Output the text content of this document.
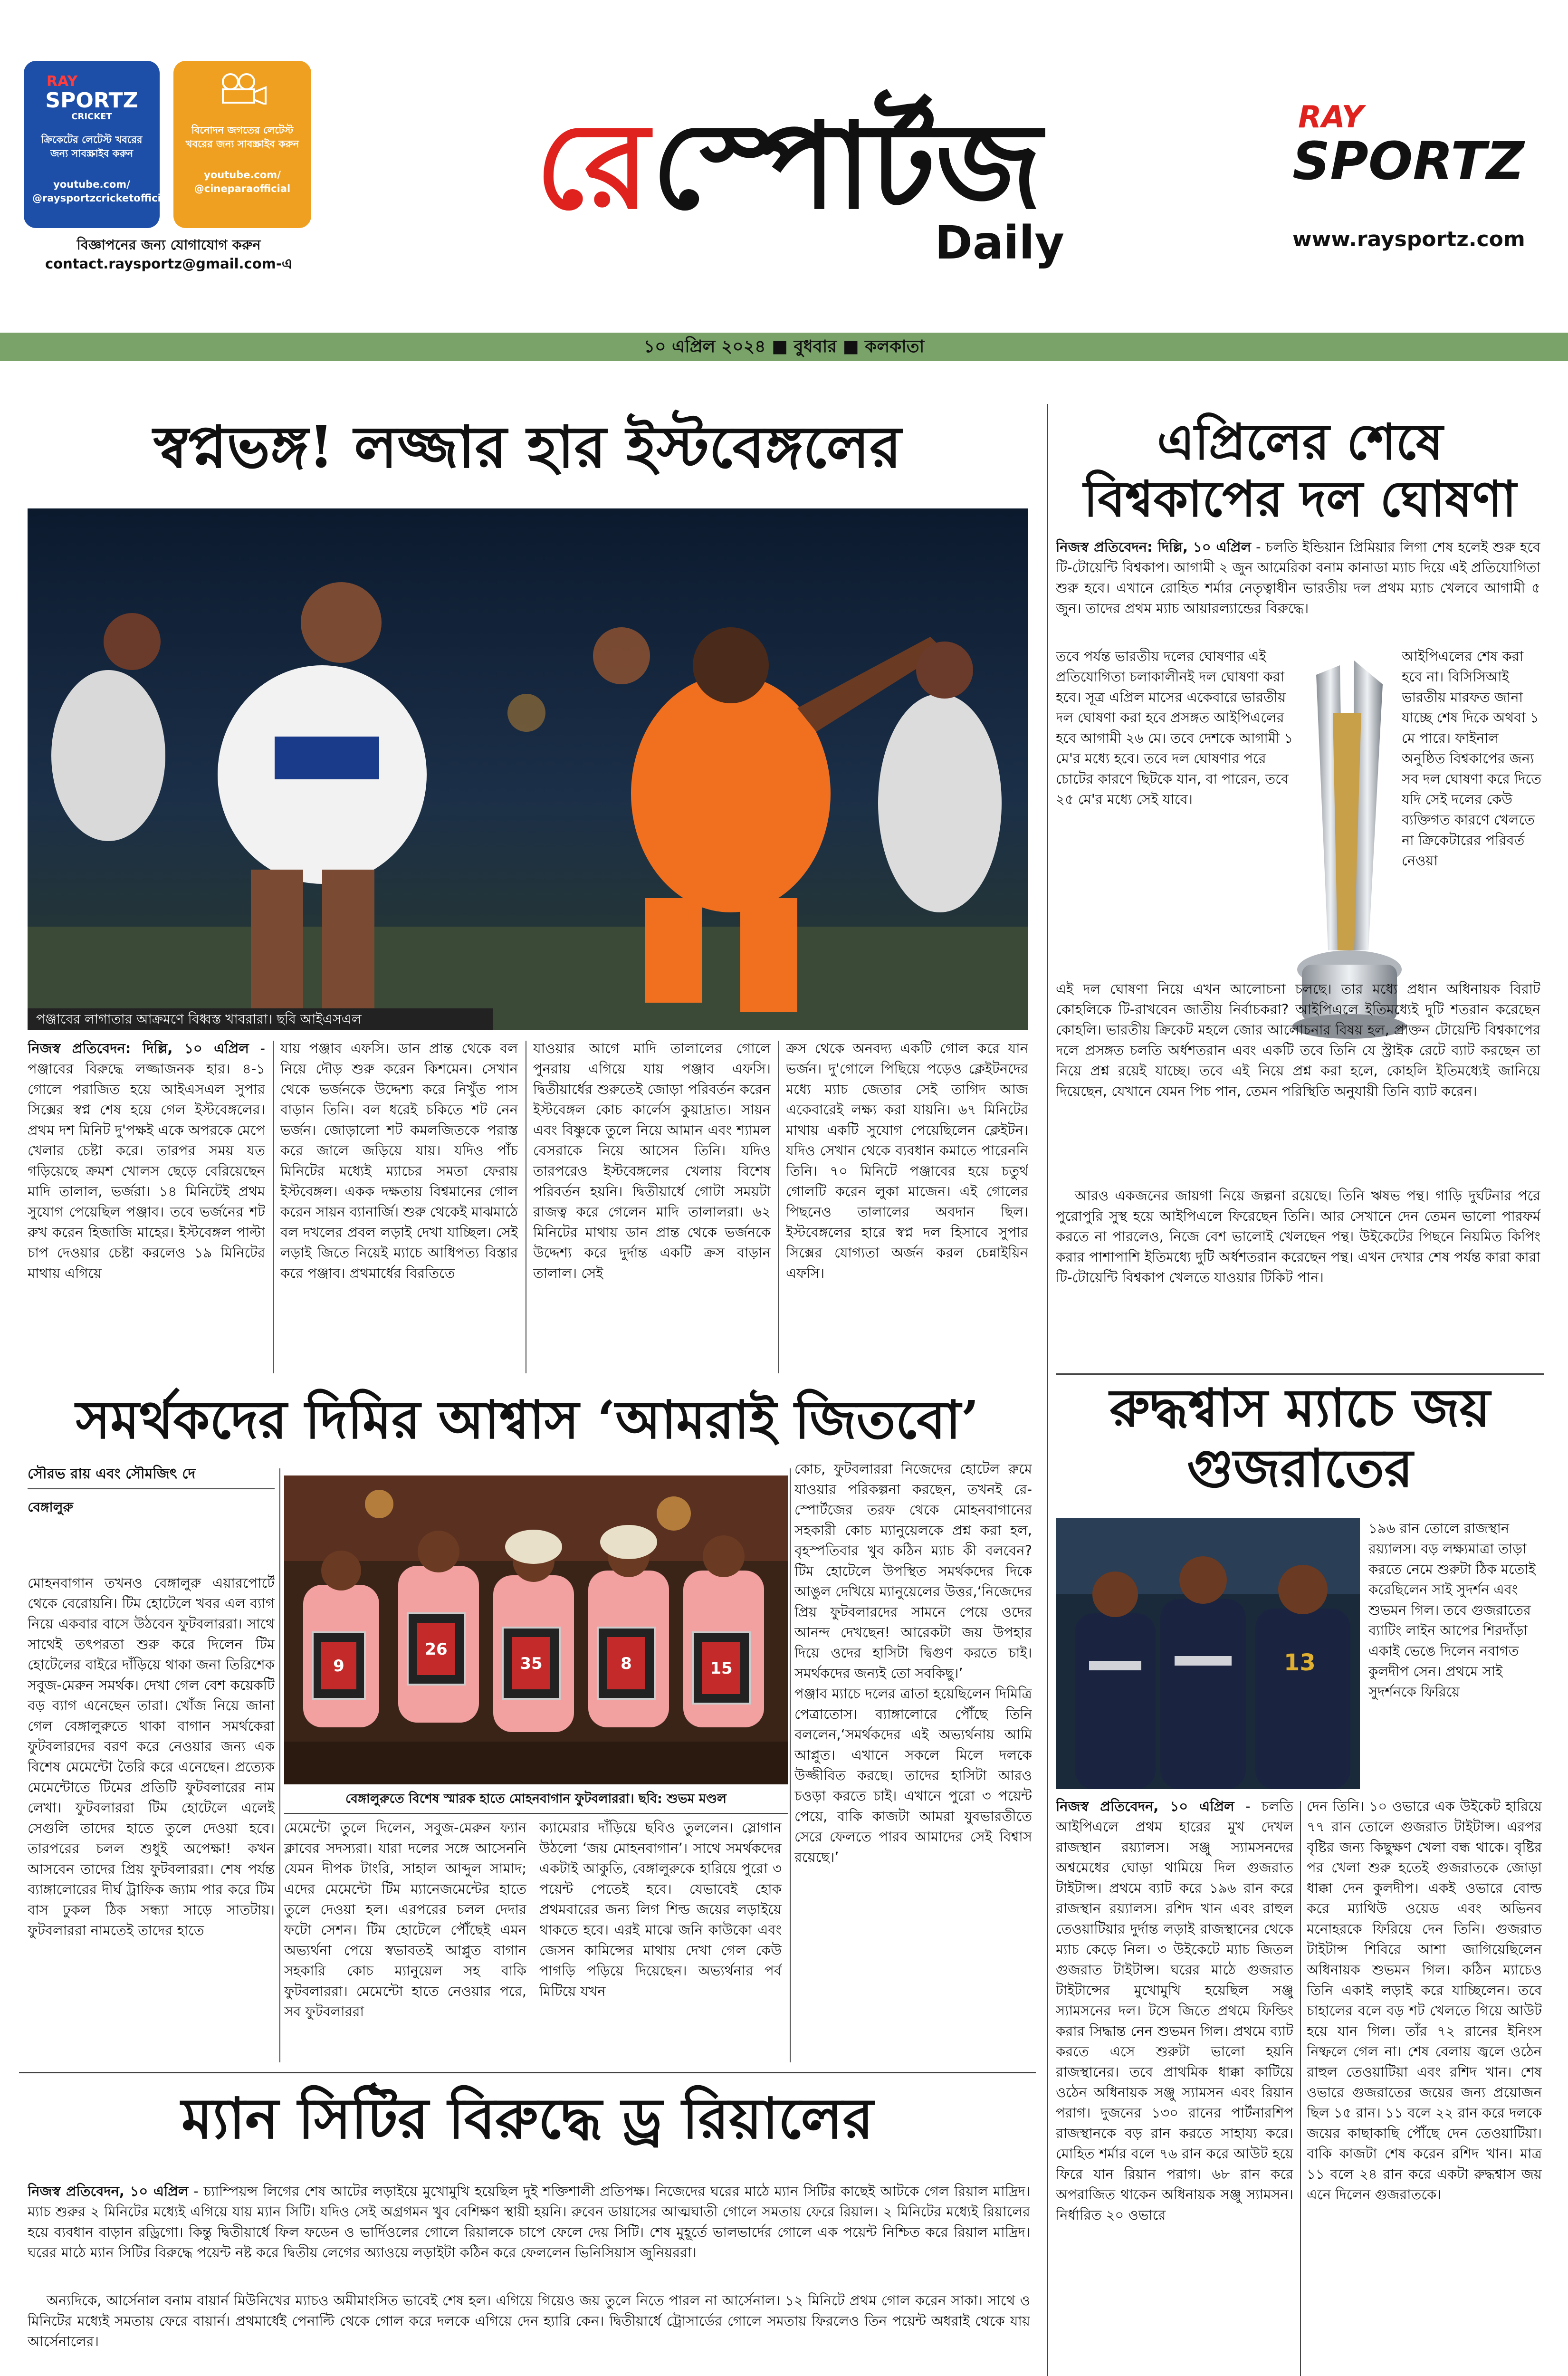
RAY
SPORTZ
CRICKET
ক্রিকেটের লেটেস্ট খবরের জন্য সাবস্ক্রাইব করুন
youtube.com/ @raysportzcricketofficial
বিনোদন জগতের লেটেস্ট খবরের জন্য সাবস্ক্রাইব করুন
youtube.com/ @cineparaofficial
বিজ্ঞাপনের জন্য যোগাযোগ করুন
contact.raysportz@gmail.com-এ
রে স্পোর্টজ
Daily
RAY
SPORTZ
www.raysportz.com
১০ এপ্রিল ২০২৪ ■ বুধবার ■ কলকাতা
স্বপ্নভঙ্গ! লজ্জার হার ইস্টবেঙ্গলের
পঞ্জাবের লাগাতার আক্রমণে বিধ্বস্ত খাবরারা। ছবি আইএসএল
নিজস্ব প্রতিবেদন: দিল্লি, ১০ এপ্রিল - পঞ্জাবের বিরুদ্ধে লজ্জাজনক হার। ৪-১ গোলে পরাজিত হয়ে আইএসএল সুপার সিক্সের স্বপ্ন শেষ হয়ে গেল ইস্টবেঙ্গলের। প্রথম দশ মিনিট দু'পক্ষই একে অপরকে মেপে খেলার চেষ্টা করে। তারপর সময় যত গড়িয়েছে ক্রমশ খোলস ছেড়ে বেরিয়েছেন মাদি তালাল, ভর্জরা। ১৪ মিনিটেই প্রথম সুযোগ পেয়েছিল পঞ্জাব। তবে ভর্জনের শট রুখ করেন হিজাজি মাহের। ইস্টবেঙ্গল পাল্টা চাপ দেওয়ার চেষ্টা করলেও ১৯ মিনিটের মাথায় এগিয়ে
যায় পঞ্জাব এফসি। ডান প্রান্ত থেকে বল নিয়ে দৌড় শুরু করেন কিশমেন। সেখান থেকে ভর্জনকে উদ্দেশ্য করে নিখুঁত পাস বাড়ান তিনি। বল ধরেই চকিতে শট নেন ভর্জন। জোড়ালো শট কমলজিতকে পরাস্ত করে জালে জড়িয়ে যায়। যদিও পাঁচ মিনিটের মধ্যেই ম্যাচের সমতা ফেরায় ইস্টবেঙ্গল। একক দক্ষতায় বিশ্বমানের গোল করেন সায়ন ব্যানার্জি। শুরু থেকেই মাঝমাঠে বল দখলের প্রবল লড়াই দেখা যাচ্ছিল। সেই লড়াই জিতে নিয়েই ম্যাচে আধিপত্য বিস্তার করে পঞ্জাব। প্রথমার্ধের বিরতিতে
যাওয়ার আগে মাদি তালালের গোলে পুনরায় এগিয়ে যায় পঞ্জাব এফসি। দ্বিতীয়ার্ধের শুরুতেই জোড়া পরিবর্তন করেন ইস্টবেঙ্গল কোচ কার্লেস কুয়াদ্রাত। সায়ন এবং বিষ্ণুকে তুলে নিয়ে আমান এবং শ্যামল বেসরাকে নিয়ে আসেন তিনি। যদিও তারপরেও ইস্টবেঙ্গলের খেলায় বিশেষ পরিবর্তন হয়নি। দ্বিতীয়ার্ধে গোটা সময়টা রাজত্ব করে গেলেন মাদি তালালরা। ৬২ মিনিটের মাথায় ডান প্রান্ত থেকে ভর্জনকে উদ্দেশ্য করে দুর্দান্ত একটি ক্রস বাড়ান তালাল। সেই
ক্রস থেকে অনবদ্য একটি গোল করে যান ভর্জন। দু'গোলে পিছিয়ে পড়েও ক্লেইটনদের মধ্যে ম্যাচ জেতার সেই তাগিদ আজ একেবারেই লক্ষ্য করা যায়নি। ৬৭ মিনিটের মাথায় একটি সুযোগ পেয়েছিলেন ক্লেইটন। যদিও সেখান থেকে ব্যবধান কমাতে পারেননি তিনি। ৭০ মিনিটে পঞ্জাবের হয়ে চতুর্থ গোলটি করেন লুকা মাজেন। এই গোলের পিছনেও তালালের অবদান ছিল। ইস্টবেঙ্গলের হারে স্বপ্ন দল হিসাবে সুপার সিক্সের যোগ্যতা অর্জন করল চেন্নাইয়িন এফসি।
সমর্থকদের দিমির আশ্বাস ‘আমরাই জিতবো’
সৌরভ রায় এবং সৌমজিৎ দে
বেঙ্গালুরু
মোহনবাগান তখনও বেঙ্গালুরু এয়ারপোর্টে থেকে বেরোয়নি। টিম হোটেলে খবর এল ব্যাগ নিয়ে একবার বাসে উঠবেন ফুটবলাররা। সাথে সাথেই তৎপরতা শুরু করে দিলেন টিম হোটেলের বাইরে দাঁড়িয়ে থাকা জনা তিরিশেক সবুজ-মেরুন সমর্থক। দেখা গেল বেশ কয়েকটি বড় ব্যাগ এনেছেন তারা। খোঁজ নিয়ে জানা গেল বেঙ্গালুরুতে থাকা বাগান সমর্থকেরা ফুটবলারদের বরণ করে নেওয়ার জন্য এক বিশেষ মেমেন্টো তৈরি করে এনেছেন। প্রত্যেক মেমেন্টোতে টিমের প্রতিটি ফুটবলারের নাম লেখা। ফুটবলাররা টিম হোটেলে এলেই সেগুলি তাদের হাতে তুলে দেওয়া হবে। তারপরের চলল শুধুই অপেক্ষা! কখন আসবেন তাদের প্রিয় ফুটবলাররা। শেষ পর্যন্ত ব্যাঙ্গালোরের দীর্ঘ ট্রাফিক জ্যাম পার করে টিম বাস ঢুকল ঠিক সন্ধ্যা সাড়ে সাতটায়। ফুটবলাররা নামতেই তাদের হাতে
9
26
35	8	15
বেঙ্গালুরুতে বিশেষ স্মারক হাতে মোহনবাগান ফুটবলাররা। ছবি: শুভম মণ্ডল
মেমেন্টো তুলে দিলেন, সবুজ-মেরুন ফ্যান ক্লাবের সদস্যরা। যারা দলের সঙ্গে আসেননি যেমন দীপক টাংরি, সাহাল আব্দুল সামাদ; এদের মেমেন্টো টিম ম্যানেজমেন্টের হাতে তুলে দেওয়া হল। এরপরের চলল দেদার ফটো সেশন। টিম হোটেলে পৌঁছেই এমন অভ্যর্থনা পেয়ে স্বভাবতই আপ্লুত বাগান সহকারি কোচ ম্যানুয়েল সহ বাকি ফুটবলাররা। মেমেন্টো হাতে নেওয়ার পরে, সব ফুটবলাররা
ক্যামেরার দাঁড়িয়ে ছবিও তুললেন। স্লোগান উঠলো ‘জয় মোহনবাগান’। সাথে সমর্থকদের একটাই আকুতি, বেঙ্গালুরুকে হারিয়ে পুরো ৩ পয়েন্ট পেতেই হবে। যেভাবেই হোক প্রথমবারের জন্য লিগ শিল্ড জয়ের লড়াইয়ে থাকতে হবে। এরই মাঝে জনি কাউকো এবং জেসন কামিন্সের মাথায় দেখা গেল কেউ পাগড়ি পড়িয়ে দিয়েছেন। অভ্যর্থনার পর্ব মিটিয়ে যখন
কোচ, ফুটবলাররা নিজেদের হোটেল রুমে যাওয়ার পরিকল্পনা করছেন, তখনই রে-স্পোর্টজের তরফ থেকে মোহনবাগানের সহকারী কোচ ম্যানুয়েলকে প্রশ্ন করা হল, বৃহস্পতিবার খুব কঠিন ম্যাচ কী বলবেন? টিম হোটেলে উপস্থিত সমর্থকদের দিকে আঙুল দেখিয়ে ম্যানুয়েলের উত্তর,‘নিজেদের প্রিয় ফুটবলারদের সামনে পেয়ে ওদের আনন্দ দেখছেন! আরেকটা জয় উপহার দিয়ে ওদের হাসিটা দ্বিগুণ করতে চাই। সমর্থকদের জন্যই তো সবকিছু।’
পঞ্জাব ম্যাচে দলের ত্রাতা হয়েছিলেন দিমিত্রি পেত্রাতোস। ব্যাঙ্গালোরে পৌঁছে তিনি বললেন,‘সমর্থকদের এই অভ্যর্থনায় আমি আপ্লুত। এখানে সকলে মিলে দলকে উজ্জীবিত করছে। তাদের হাসিটা আরও চওড়া করতে চাই। এখানে পুরো ৩ পয়েন্ট পেয়ে, বাকি কাজটা আমরা যুবভারতীতে সেরে ফেলতে পারব আমাদের সেই বিশ্বাস রয়েছে।’
ম্যান সিটির বিরুদ্ধে ড্র রিয়ালের
নিজস্ব প্রতিবেদন, ১০ এপ্রিল - চ্যাম্পিয়ন্স লিগের শেষ আটের লড়াইয়ে মুখোমুখি হয়েছিল দুই শক্তিশালী প্রতিপক্ষ। নিজেদের ঘরের মাঠে ম্যান সিটির কাছেই আটকে গেল রিয়াল মাদ্রিদ। ম্যাচ শুরুর ২ মিনিটের মধ্যেই এগিয়ে যায় ম্যান সিটি। যদিও সেই অগ্রগমন খুব বেশিক্ষণ স্থায়ী হয়নি। রুবেন ডায়াসের আত্মঘাতী গোলে সমতায় ফেরে রিয়াল। ২ মিনিটের মধ্যেই রিয়ালের হয়ে ব্যবধান বাড়ান রড্রিগো। কিন্তু দ্বিতীয়ার্ধে ফিল ফডেন ও ভার্দিওলের গোলে রিয়ালকে চাপে ফেলে দেয় সিটি। শেষ মুহূর্তে ভালভার্দের গোলে এক পয়েন্ট নিশ্চিত করে রিয়াল মাদ্রিদ। ঘরের মাঠে ম্যান সিটির বিরুদ্ধে পয়েন্ট নষ্ট করে দ্বিতীয় লেগের অ্যাওয়ে লড়াইটা কঠিন করে ফেললেন ভিনিসিয়াস জুনিয়ররা।
অন্যদিকে, আর্সেনাল বনাম বায়ার্ন মিউনিখের ম্যাচও অমীমাংসিত ভাবেই শেষ হল। এগিয়ে গিয়েও জয় তুলে নিতে পারল না আর্সেনাল। ১২ মিনিটে প্রথম গোল করেন সাকা। সাথে ও মিনিটের মধ্যেই সমতায় ফেরে বায়ার্ন। প্রথমার্ধেই পেনাল্টি থেকে গোল করে দলকে এগিয়ে দেন হ্যারি কেন। দ্বিতীয়ার্ধে ট্রোসার্ডের গোলে সমতায় ফিরলেও তিন পয়েন্ট অধরাই থেকে যায় আর্সেনালের।
এপ্রিলের শেষে বিশ্বকাপের দল ঘোষণা
নিজস্ব প্রতিবেদন: দিল্লি, ১০ এপ্রিল - চলতি ইন্ডিয়ান প্রিমিয়ার লিগা শেষ হলেই শুরু হবে টি-টোয়েন্টি বিশ্বকাপ। আগামী ২ জুন আমেরিকা বনাম কানাডা ম্যাচ দিয়ে এই প্রতিযোগিতা শুরু হবে। এখানে রোহিত শর্মার নেতৃত্বাধীন ভারতীয় দল প্রথম ম্যাচ খেলবে আগামী ৫ জুন। তাদের প্রথম ম্যাচ আয়ারল্যান্ডের বিরুদ্ধে।
তবে পর্যন্ত ভারতীয় দলের ঘোষণার এই প্রতিযোগিতা চলাকালীনই দল ঘোষণা করা হবে। সূত্র এপ্রিল মাসের একেবারে ভারতীয় দল ঘোষণা করা হবে প্রসঙ্গত আইপিএলের হবে আগামী ২৬ মে। তবে দেশকে আগামী ১ মে'র মধ্যে হবে। তবে দল ঘোষণার পরে চোটের কারণে ছিটকে যান, বা পারেন, তবে ২৫ মে'র মধ্যে সেই যাবে।
আইপিএলের শেষ করা হবে না। বিসিসিআই ভারতীয় মারফত জানা যাচ্ছে শেষ দিকে অথবা ১ মে পারে। ফাইনাল অনুষ্ঠিত বিশ্বকাপের জন্য সব দল ঘোষণা করে দিতে যদি সেই দলের কেউ ব্যক্তিগত কারণে খেলতে না ক্রিকেটারের পরিবর্ত নেওয়া
এই দল ঘোষণা নিয়ে এখন আলোচনা চলছে। তার মধ্যে প্রধান অধিনায়ক বিরাট কোহলিকে টি-রাখবেন জাতীয় নির্বাচকরা? আইপিএলে ইতিমধ্যেই দুটি শতরান করেছেন কোহলি। ভারতীয় ক্রিকেট মহলে জোর আলোচনার বিষয় হল, প্রাক্তন টোয়েন্টি বিশ্বকাপের দলে প্রসঙ্গত চলতি অর্ধশতরান এবং একটি তবে তিনি যে স্ট্রাইক রেটে ব্যাট করছেন তা নিয়ে প্রশ্ন রয়েই যাচ্ছে। তবে এই নিয়ে প্রশ্ন করা হলে, কোহলি ইতিমধ্যেই জানিয়ে দিয়েছেন, যেখানে যেমন পিচ পান, তেমন পরিস্থিতি অনুযায়ী তিনি ব্যাট করেন।
আরও একজনের জায়গা নিয়ে জল্পনা রয়েছে। তিনি ঋষভ পন্থ। গাড়ি দুর্ঘটনার পরে পুরোপুরি সুস্থ হয়ে আইপিএলে ফিরেছেন তিনি। আর সেখানে দেন তেমন ভালো পারফর্ম করতে না পারলেও, নিজে বেশ ভালোই খেলছেন পন্থ। উইকেটের পিছনে নিয়মিত কিপিং করার পাশাপাশি ইতিমধ্যে দুটি অর্ধশতরান করেছেন পন্থ। এখন দেখার শেষ পর্যন্ত কারা কারা টি-টোয়েন্টি বিশ্বকাপ খেলতে যাওয়ার টিকিট পান।
রুদ্ধশ্বাস ম্যাচে জয় গুজরাতের
13
১৯৬ রান তোলে রাজস্থান রয়্যালস। বড় লক্ষ্যমাত্রা তাড়া করতে নেমে শুরুটা ঠিক মতোই করেছিলেন সাই সুদর্শন এবং শুভমন গিল। তবে গুজরাতের ব্যাটিং লাইন আপের শিরদাঁড়া একাই ভেঙে দিলেন নবাগত কুলদীপ সেন। প্রথমে সাই সুদর্শনকে ফিরিয়ে
নিজস্ব প্রতিবেদন, ১০ এপ্রিল - চলতি আইপিএলে প্রথম হারের মুখ দেখল রাজস্থান রয়্যালস। সঞ্জু স্যামসনদের অশ্বমেধের ঘোড়া থামিয়ে দিল গুজরাত টাইটান্স। প্রথমে ব্যাট করে ১৯৬ রান করে রাজস্থান রয়্যালস। রশিদ খান এবং রাহুল তেওয়াটিয়ার দুর্দান্ত লড়াই রাজস্থানের থেকে ম্যাচ কেড়ে নিল। ৩ উইকেটে ম্যাচ জিতল গুজরাত টাইটান্স। ঘরের মাঠে গুজরাত টাইটান্সের মুখোমুখি হয়েছিল সঞ্জু স্যামসনের দল। টসে জিতে প্রথমে ফিল্ডিং করার সিদ্ধান্ত নেন শুভমন গিল। প্রথমে ব্যাট করতে এসে শুরুটা ভালো হয়নি রাজস্থানের। তবে প্রাথমিক ধাক্কা কাটিয়ে ওঠেন অধিনায়ক সঞ্জু স্যামসন এবং রিয়ান পরাগ। দুজনের ১৩০ রানের পার্টনারশিপ রাজস্থানকে বড় রান করতে সাহায্য করে। মোহিত শর্মার বলে ৭৬ রান করে আউট হয়ে ফিরে যান রিয়ান পরাগ। ৬৮ রান করে অপরাজিত থাকেন অধিনায়ক সঞ্জু স্যামসন। নির্ধারিত ২০ ওভারে
দেন তিনি। ১০ ওভারে এক উইকেট হারিয়ে ৭৭ রান তোলে গুজরাত টাইটান্স। এরপর বৃষ্টির জন্য কিছুক্ষণ খেলা বন্ধ থাকে। বৃষ্টির পর খেলা শুরু হতেই গুজরাতকে জোড়া ধাক্কা দেন কুলদীপ। একই ওভারে বোল্ড করে ম্যাথিউ ওয়েড এবং অভিনব মনোহরকে ফিরিয়ে দেন তিনি। গুজরাত টাইটান্স শিবিরে আশা জাগিয়েছিলেন অধিনায়ক শুভমন গিল। কঠিন ম্যাচেও তিনি একাই লড়াই করে যাচ্ছিলেন। তবে চাহালের বলে বড় শট খেলতে গিয়ে আউট হয়ে যান গিল। তাঁর ৭২ রানের ইনিংস নিষ্ফলে গেল না। শেষ বেলায় জ্বলে ওঠেন রাহুল তেওয়াটিয়া এবং রশিদ খান। শেষ ওভারে গুজরাতের জয়ের জন্য প্রয়োজন ছিল ১৫ রান। ১১ বলে ২২ রান করে দলকে জয়ের কাছাকাছি পৌঁছে দেন তেওয়াটিয়া। বাকি কাজটা শেষ করেন রশিদ খান। মাত্র ১১ বলে ২৪ রান করে একটা রুদ্ধশ্বাস জয় এনে দিলেন গুজরাতকে।
